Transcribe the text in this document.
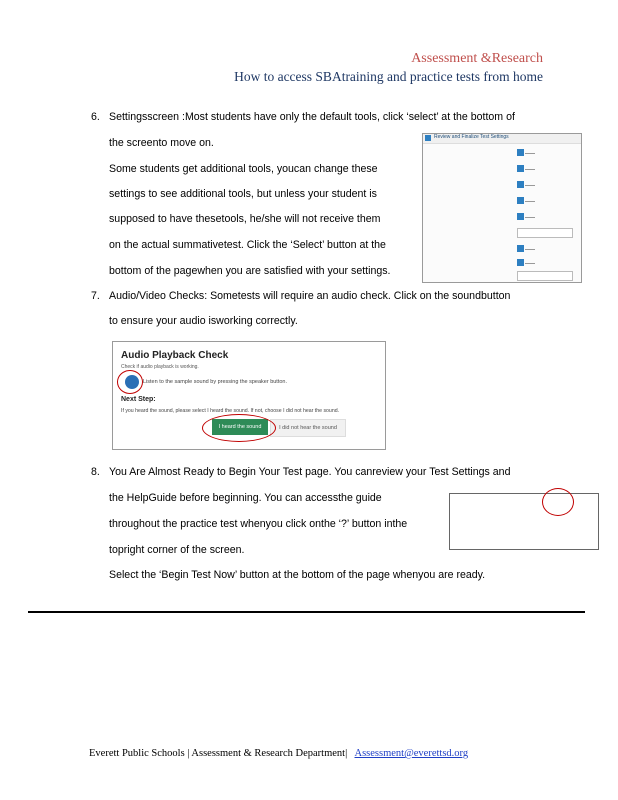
Assessment &Research
How to access SBAtraining and practice tests from home
6. Settingsscreen :Most students have only the default tools, click ‘select’ at the bottom of
the screento move on.
Some students get additional tools, youcan change these
settings to see additional tools, but unless your student is
supposed to have thesetools, he/she will not receive them
on the actual summativetest. Click the ‘Select’ button at the
bottom of the pagewhen you are satisfied with your settings.
Review and Finalize Test Settings
7. Audio/Video Checks: Sometests will require an audio check. Click on the soundbutton
to ensure your audio isworking correctly.
Audio Playback Check
Check if audio playback is working.
Listen to the sample sound by pressing the speaker button.
Next Step:
If you heard the sound, please select I heard the sound. If not, choose I did not hear the sound.
I heard the sound	I did not hear the sound
8. You Are Almost Ready to Begin Your Test page. You canreview your Test Settings and
the HelpGuide before beginning. You can accessthe guide
throughout the practice test whenyou click onthe ‘?’ button inthe
topright corner of the screen.
Select the ‘Begin Test Now’ button at the bottom of the page whenyou are ready.
Everett Public Schools | Assessment & Research Department| Assessment@everettsd.org
